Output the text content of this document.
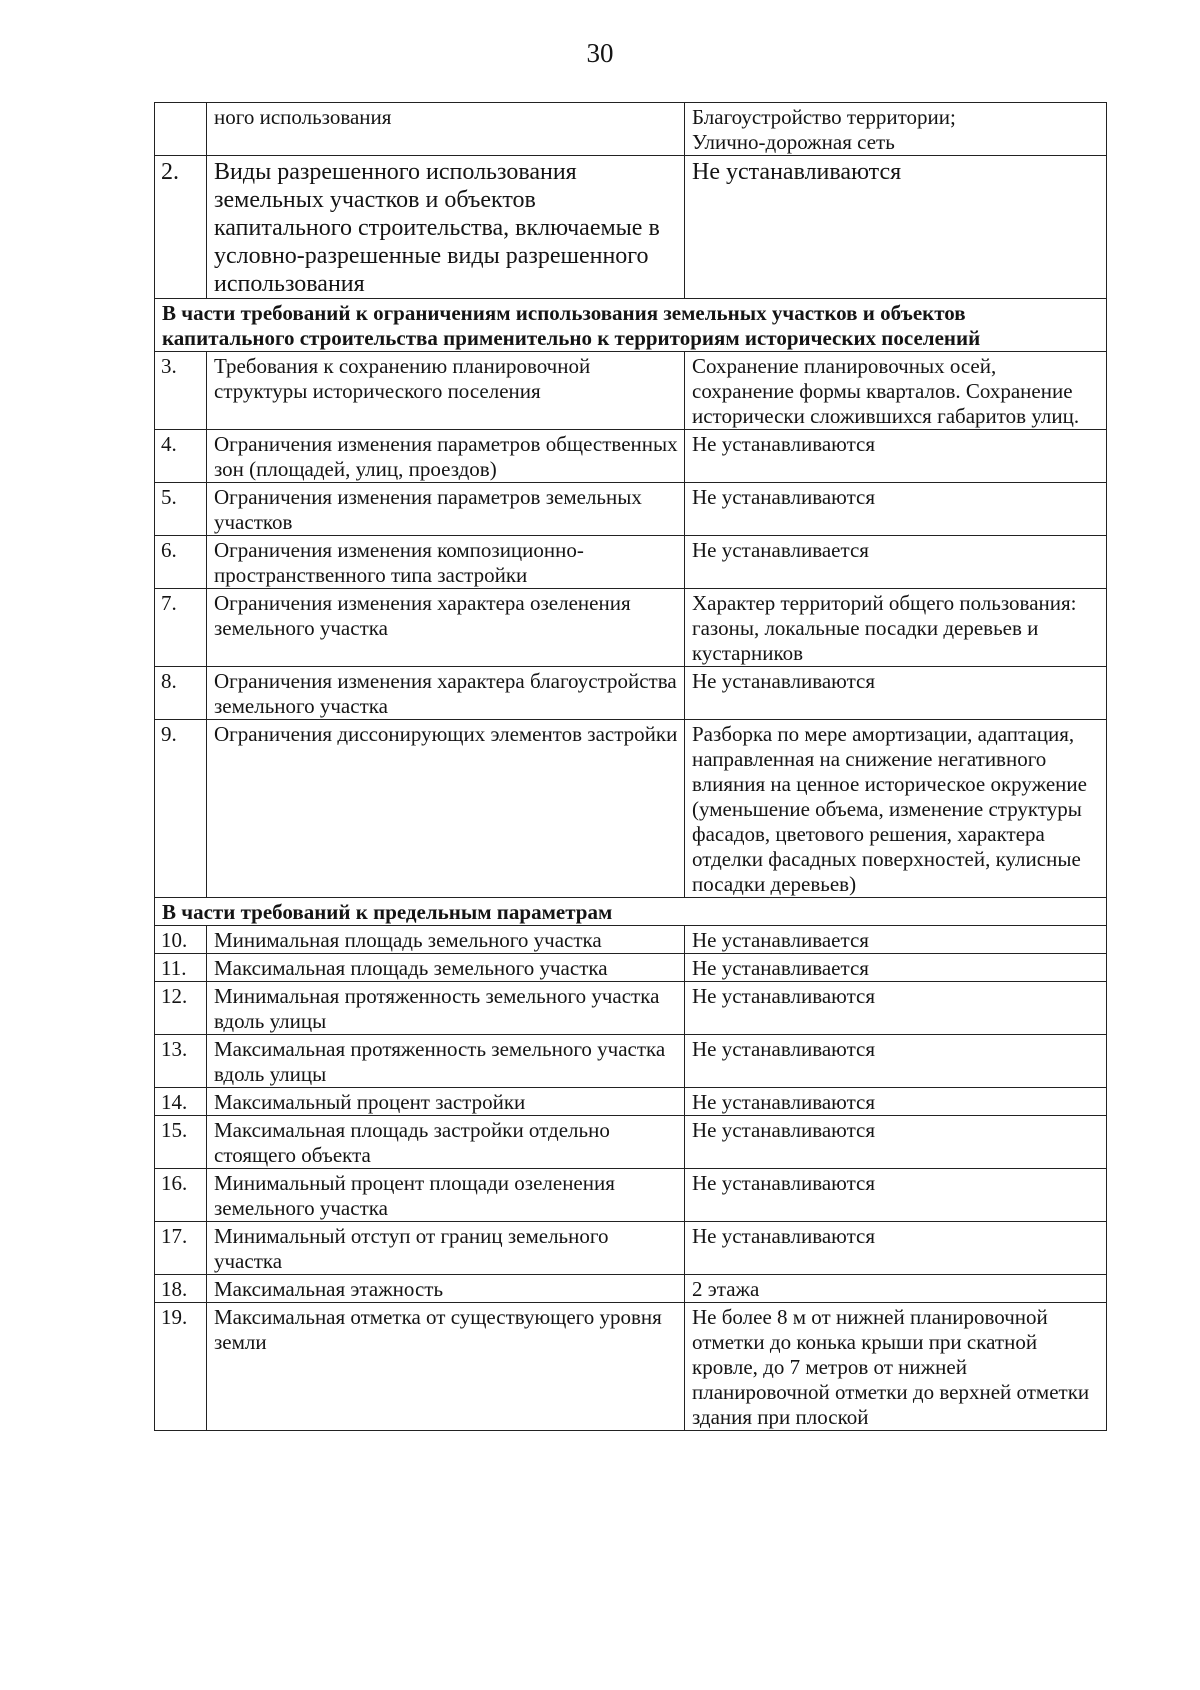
30
	ного использования	Благоустройство территории;
Улично-дорожная сеть

2.	Виды разрешенного использования земельных участков и объектов капитального строительства, включаемые в условно-разрешенные виды разрешенного использования	Не устанавливаются
В части требований к ограничениям использования земельных участков и объектов капитального строительства применительно к территориям исторических поселений		
3.	Требования к сохранению планировочной структуры исторического поселения	Сохранение планировочных осей, сохранение формы кварталов. Сохранение исторически сложившихся габаритов улиц.
4.	Ограничения изменения параметров общественных зон (площадей, улиц, проездов)	Не устанавливаются
5.	Ограничения изменения параметров земельных участков	Не устанавливаются
6.	Ограничения изменения композиционно-пространственного типа застройки	Не устанавливается
7.	Ограничения изменения характера озеленения земельного участка	Характер территорий общего пользования: газоны, локальные посадки деревьев и кустарников
8.	Ограничения изменения характера благоустройства земельного участка	Не устанавливаются
9.	Ограничения диссонирующих элементов застройки	Разборка по мере амортизации, адаптация, направленная на снижение негативного влияния на ценное историческое окружение (уменьшение объема, изменение структуры фасадов, цветового решения, характера отделки фасадных поверхностей, кулисные посадки деревьев)
В части требований к предельным параметрам		
10.	Минимальная площадь земельного участка	Не устанавливается
11.	Максимальная площадь земельного участка	Не устанавливается
12.	Минимальная протяженность земельного участка вдоль улицы	Не устанавливаются
13.	Максимальная протяженность земельного участка вдоль улицы	Не устанавливаются
14.	Максимальный процент застройки	Не устанавливаются
15.	Максимальная площадь застройки отдельно стоящего объекта	Не устанавливаются
16.	Минимальный процент площади озеленения земельного участка	Не устанавливаются
17.	Минимальный отступ от границ земельного участка	Не устанавливаются
18.	Максимальная этажность	2 этажа
19.	Максимальная отметка от существующего уровня земли	Не более 8 м от нижней планировочной отметки до конька крыши при скатной кровле, до 7 метров от нижней планировочной отметки до верхней отметки здания при плоской
